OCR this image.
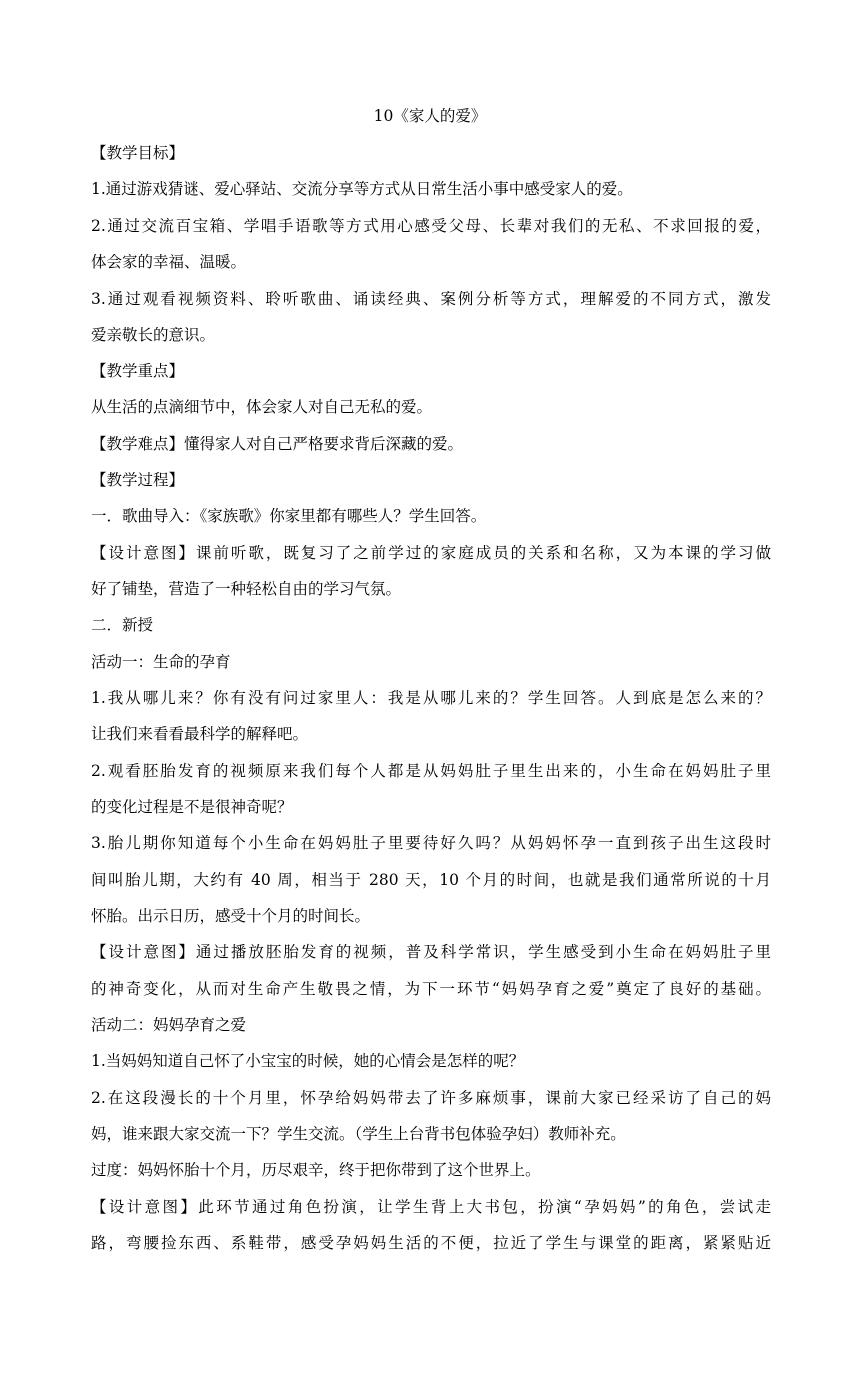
10《家人的爱》
【教学目标】
1.通过游戏猜谜、爱心驿站、交流分享等方式从日常生活小事中感受家人的爱。
2.通过交流百宝箱、学唱手语歌等方式用心感受父母、长辈对我们的无私、不求回报的爱，
体会家的幸福、温暖。
3.通过观看视频资料、聆听歌曲、诵读经典、案例分析等方式，理解爱的不同方式，激发
爱亲敬长的意识。
【教学重点】
从生活的点滴细节中，体会家人对自己无私的爱。
【教学难点】懂得家人对自己严格要求背后深藏的爱。
【教学过程】
一．歌曲导入：《家族歌》你家里都有哪些人？学生回答。
【设计意图】课前听歌，既复习了之前学过的家庭成员的关系和名称，又为本课的学习做
好了铺垫，营造了一种轻松自由的学习气氛。
二．新授
活动一：生命的孕育
1.我从哪儿来？你有没有问过家里人：我是从哪儿来的？学生回答。人到底是怎么来的？
让我们来看看最科学的解释吧。
2.观看胚胎发育的视频原来我们每个人都是从妈妈肚子里生出来的，小生命在妈妈肚子里
的变化过程是不是很神奇呢？
3.胎儿期你知道每个小生命在妈妈肚子里要待好久吗？从妈妈怀孕一直到孩子出生这段时
间叫胎儿期，大约有 40 周，相当于 280 天，10 个月的时间，也就是我们通常所说的十月
怀胎。出示日历，感受十个月的时间长。
【设计意图】通过播放胚胎发育的视频，普及科学常识，学生感受到小生命在妈妈肚子里
的神奇变化，从而对生命产生敬畏之情，为下一环节“妈妈孕育之爱”奠定了良好的基础。
活动二：妈妈孕育之爱
1.当妈妈知道自己怀了小宝宝的时候，她的心情会是怎样的呢？
2.在这段漫长的十个月里，怀孕给妈妈带去了许多麻烦事，课前大家已经采访了自己的妈
妈，谁来跟大家交流一下？学生交流。（学生上台背书包体验孕妇）教师补充。
过度：妈妈怀胎十个月，历尽艰辛，终于把你带到了这个世界上。
【设计意图】此环节通过角色扮演，让学生背上大书包，扮演“孕妈妈”的角色，尝试走
路，弯腰捡东西、系鞋带，感受孕妈妈生活的不便，拉近了学生与课堂的距离，紧紧贴近
